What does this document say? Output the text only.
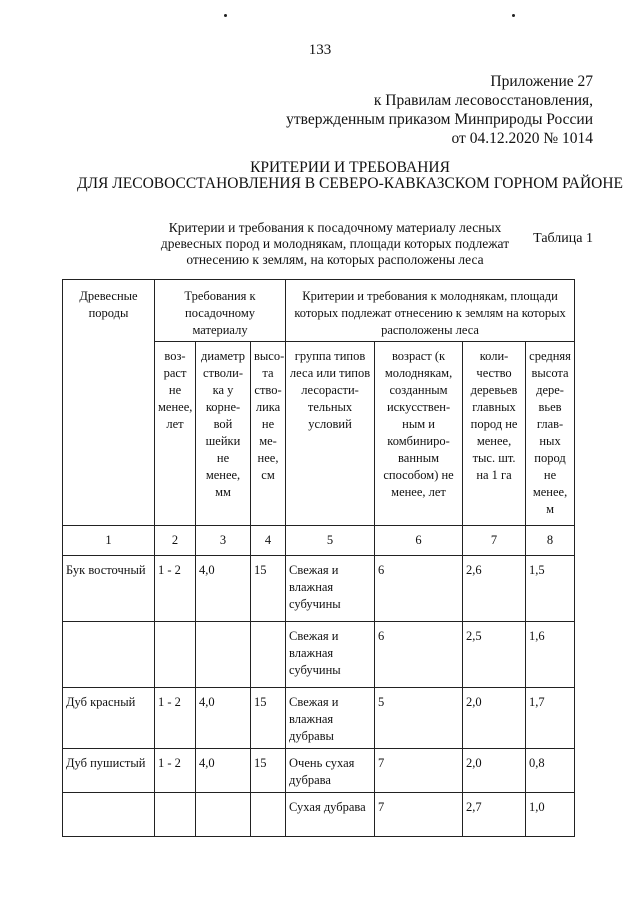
133
Приложение 27
к Правилам лесовосстановления,
утвержденным приказом Минприроды России
от 04.12.2020 № 1014
КРИТЕРИИ И ТРЕБОВАНИЯ
ДЛЯ ЛЕСОВОССТАНОВЛЕНИЯ В СЕВЕРО-КАВКАЗСКОМ ГОРНОМ РАЙОНЕ
Критерии и требования к посадочному материалу лесных древесных пород и молоднякам, площади которых подлежат отнесению к землям, на которых расположены леса
Таблица 1
Древесные породы	Требования к посадочному материалу			Критерии и требования к молоднякам, площади которых подлежат отнесению к землям на которых расположены леса			
	воз-раст не менее, лет	диаметр стволи-ка у корне-вой шейки не менее, мм	высо-та ство-лика не ме-нее, см	группа типов леса или типов лесорасти-тельных условий	возраст (к молоднякам, созданным искусствен-ным и комбиниро-ванным способом) не менее, лет	коли-чество деревьев главных пород не менее, тыс. шт. на 1 га	средняя высота дере-вьев глав-ных пород не менее, м
1	2	3	4	5	6	7	8
Бук восточный	1 - 2	4,0	15	Свежая и влажная субучины	6	2,6	1,5
				Свежая и влажная субучины	6	2,5	1,6
Дуб красный	1 - 2	4,0	15	Свежая и влажная дубравы	5	2,0	1,7
Дуб пушистый	1 - 2	4,0	15	Очень сухая дубрава	7	2,0	0,8
				Сухая дубрава	7	2,7	1,0
